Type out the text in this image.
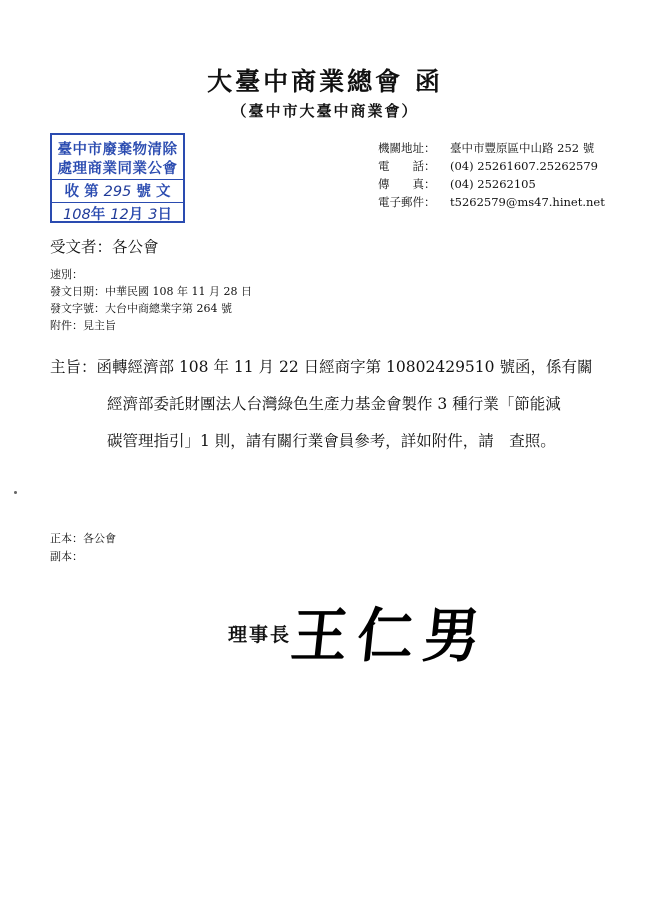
大臺中商業總會 函
（臺中市大臺中商業會）
臺中市廢棄物清除
處理商業同業公會
收 第 295 號 文
108年 12月 3日
機關地址： 臺中市豐原區中山路 252 號
電　　話： (04) 25261607.25262579
傳　　真： (04) 25262105
電子郵件： t5262579@ms47.hinet.net
受文者：各公會
速別：
發文日期：中華民國 108 年 11 月 28 日
發文字號：大台中商總業字第 264 號
附件：見主旨
主旨：函轉經濟部 108 年 11 月 22 日經商字第 10802429510 號函，係有關
經濟部委託財團法人台灣綠色生產力基金會製作 3 種行業「節能減
碳管理指引」1 則，請有關行業會員參考，詳如附件，請　查照。
正本：各公會
副本：
理事長
王仁男
